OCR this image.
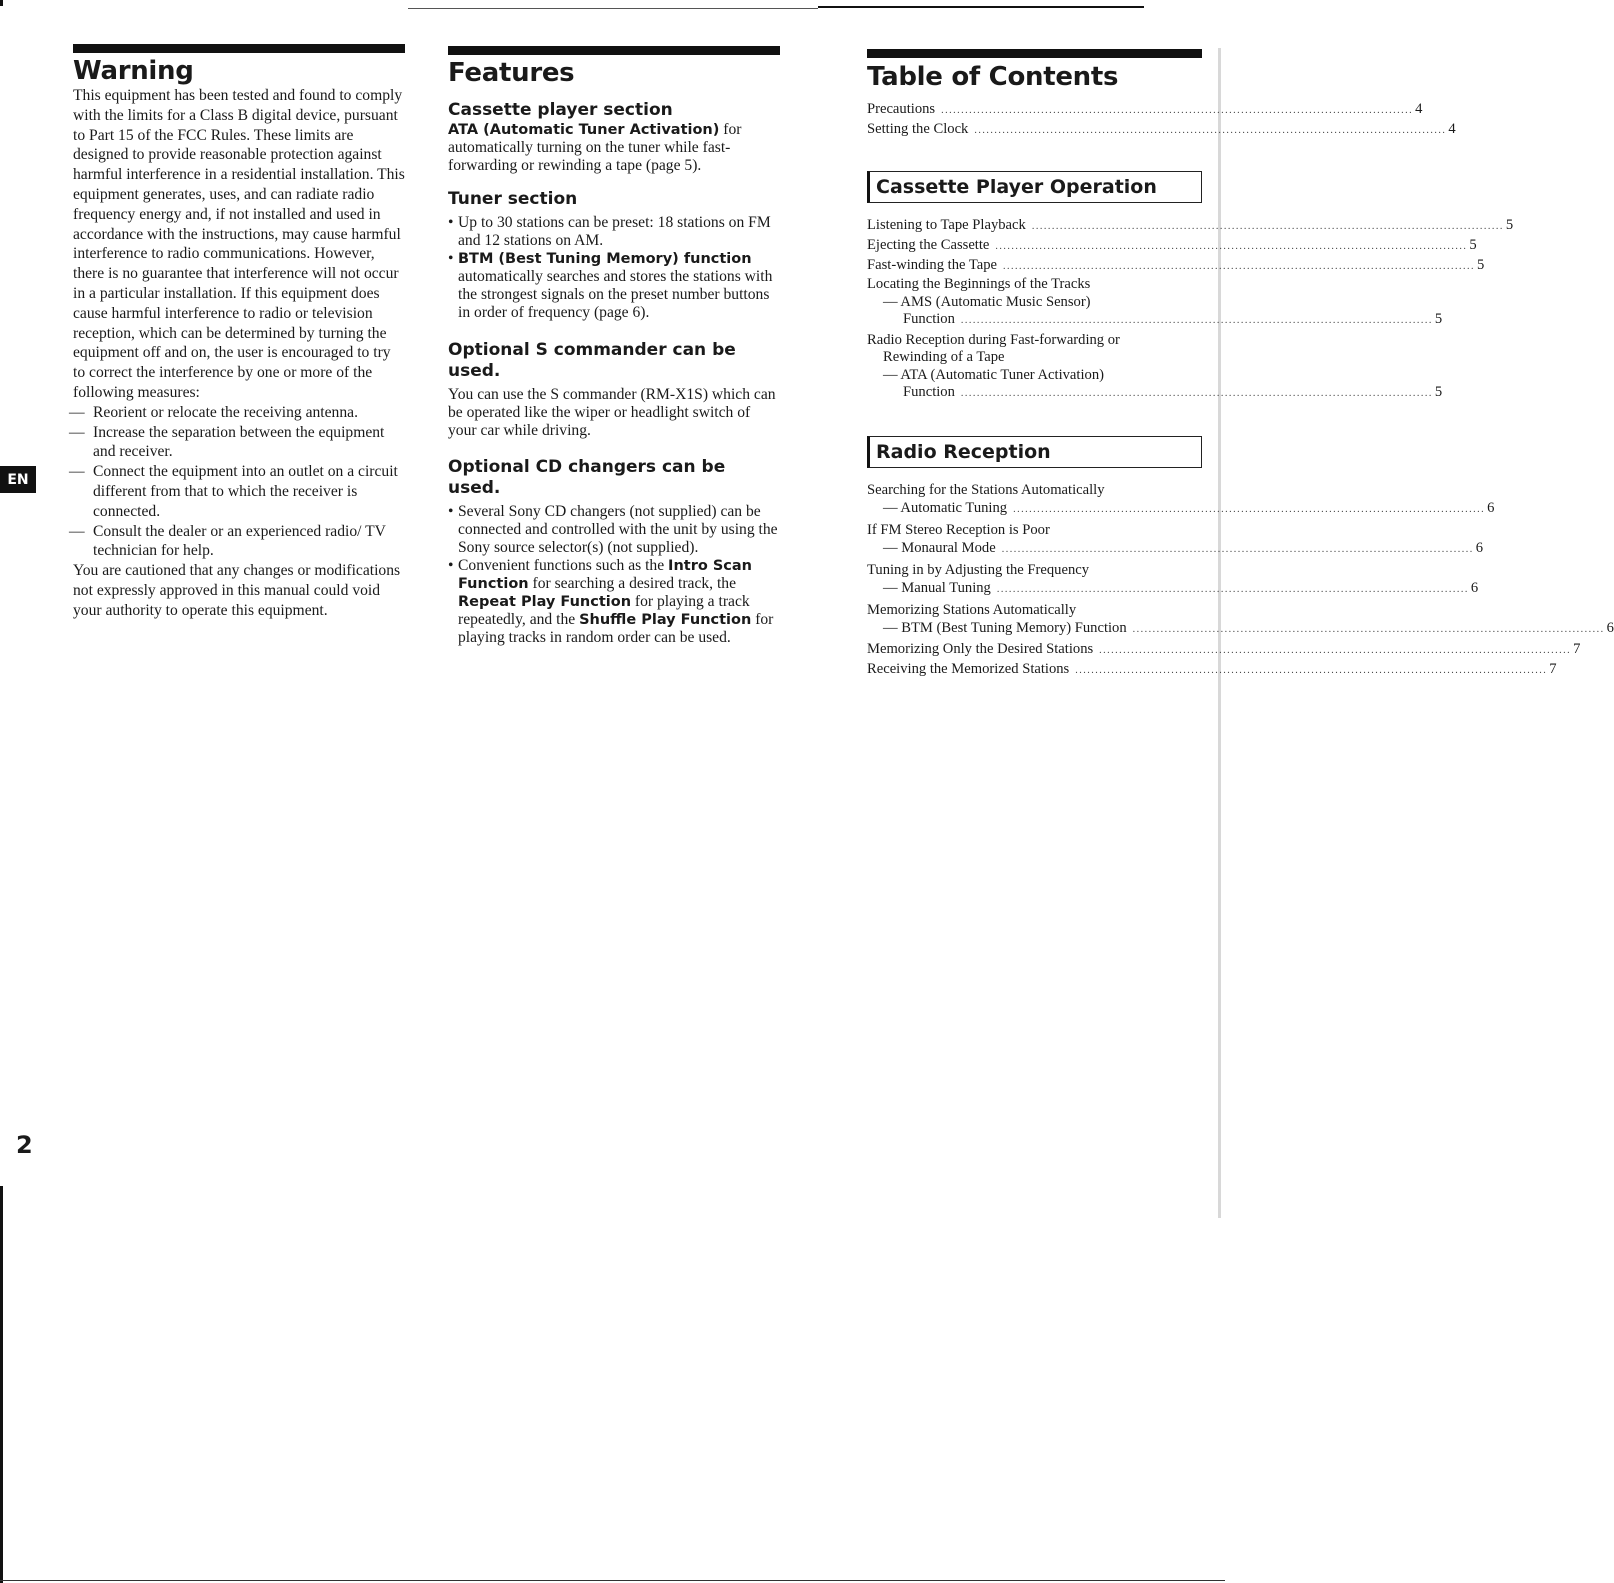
Warning

This equipment has been tested and found to comply with the limits for a Class B digital device, pursuant to Part 15 of the FCC Rules. These limits are designed to provide reasonable protection against harmful interference in a residential installation. This equipment generates, uses, and can radiate radio frequency energy and, if not installed and used in accordance with the instructions, may cause harmful interference to radio communications. However, there is no guarantee that interference will not occur in a particular installation. If this equipment does cause harmful interference to radio or television reception, which can be determined by turning the equipment off and on, the user is encouraged to try to correct the interference by one or more of the following measures:

— Reorient or relocate the receiving antenna.
— Increase the separation between the equipment and receiver.
— Connect the equipment into an outlet on a circuit different from that to which the receiver is connected.
— Consult the dealer or an experienced radio/ TV technician for help.

You are cautioned that any changes or modifications not expressly approved in this manual could void your authority to operate this equipment.

Features
Cassette player section

ATA (Automatic Tuner Activation) for automatically turning on the tuner while fast-forwarding or rewinding a tape (page 5).

Tuner section
• Up to 30 stations can be preset: 18 stations on FM and 12 stations on AM.
• BTM (Best Tuning Memory) function automatically searches and stores the stations with the strongest signals on the preset number buttons in order of frequency (page 6).
Optional S commander can be used.

You can use the S commander (RM-X1S) which can be operated like the wiper or headlight switch of your car while driving.

Optional CD changers can be used.
• Several Sony CD changers (not supplied) can be connected and controlled with the unit by using the Sony source selector(s) (not supplied).
• Convenient functions such as the Intro Scan Function for searching a desired track, the Repeat Play Function for playing a track repeatedly, and the Shuffle Play Function for playing tracks in random order can be used.
Table of Contents
Precautions ...................................................................................................................... 4
Setting the Clock ...................................................................................................................... 4
Cassette Player Operation
Listening to Tape Playback ...................................................................................................................... 5
Ejecting the Cassette ...................................................................................................................... 5
Fast-winding the Tape ...................................................................................................................... 5
Locating the Beginnings of the Tracks
— AMS (Automatic Music Sensor)
Function ...................................................................................................................... 5
Radio Reception during Fast-forwarding or
Rewinding of a Tape
— ATA (Automatic Tuner Activation)
Function ...................................................................................................................... 5
Radio Reception
Searching for the Stations Automatically
— Automatic Tuning ...................................................................................................................... 6
If FM Stereo Reception is Poor
— Monaural Mode ...................................................................................................................... 6
Tuning in by Adjusting the Frequency
— Manual Tuning ...................................................................................................................... 6
Memorizing Stations Automatically
— BTM (Best Tuning Memory) Function ...................................................................................................................... 6
Memorizing Only the Desired Stations ...................................................................................................................... 7
Receiving the Memorized Stations ...................................................................................................................... 7
EN
2
